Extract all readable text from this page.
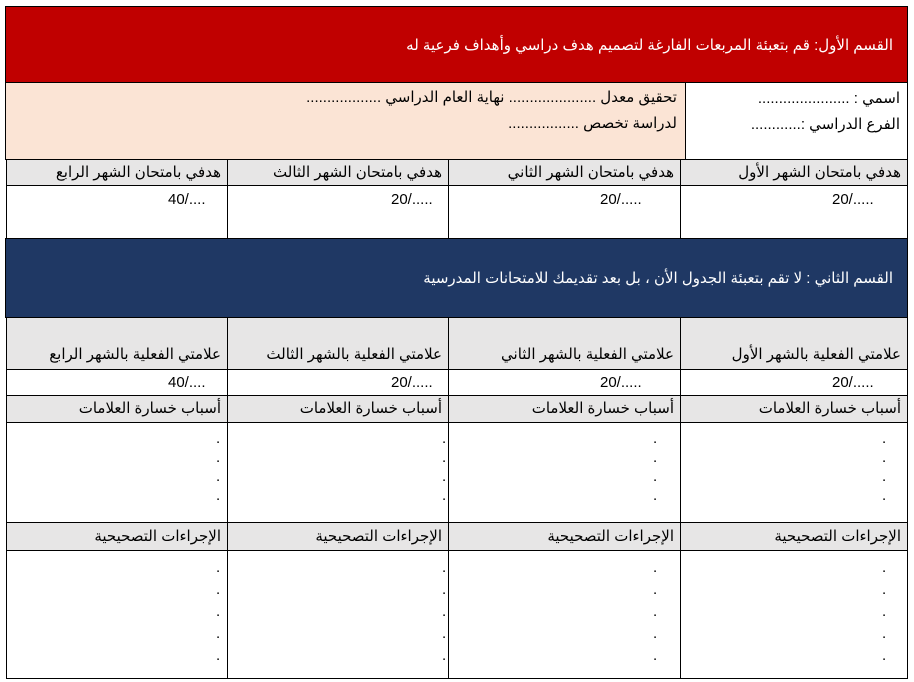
القسم الأول: قم بتعبئة المربعات الفارغة لتصميم هدف دراسي وأهداف فرعية له
اسمي : ......................
الفرع الدراسي :............
تحقيق معدل ..................... نهاية العام الدراسي ..................
لدراسة تخصص .................
هدفي بامتحان الشهر الأول
هدفي بامتحان الشهر الثاني
هدفي بامتحان الشهر الثالث
هدفي بامتحان الشهر الرابع
20/.....
20/.....
20/.....
40/....
القسم الثاني : لا تقم بتعبئة الجدول الأن ، بل بعد تقديمك للامتحانات المدرسية
علامتي الفعلية بالشهر الأول
علامتي الفعلية بالشهر الثاني
علامتي الفعلية بالشهر الثالث
علامتي الفعلية بالشهر الرابع
20/.....
20/.....
20/.....
40/....
أسباب خسارة العلامات
أسباب خسارة العلامات
أسباب خسارة العلامات
أسباب خسارة العلامات
.
.
.
.
.
.
.
.
.
.
.
.
.
.
.
.
الإجراءات التصحيحية
الإجراءات التصحيحية
الإجراءات التصحيحية
الإجراءات التصحيحية
.
.
.
.
.
.
.
.
.
.
.
.
.
.
.
.
.
.
.
.
